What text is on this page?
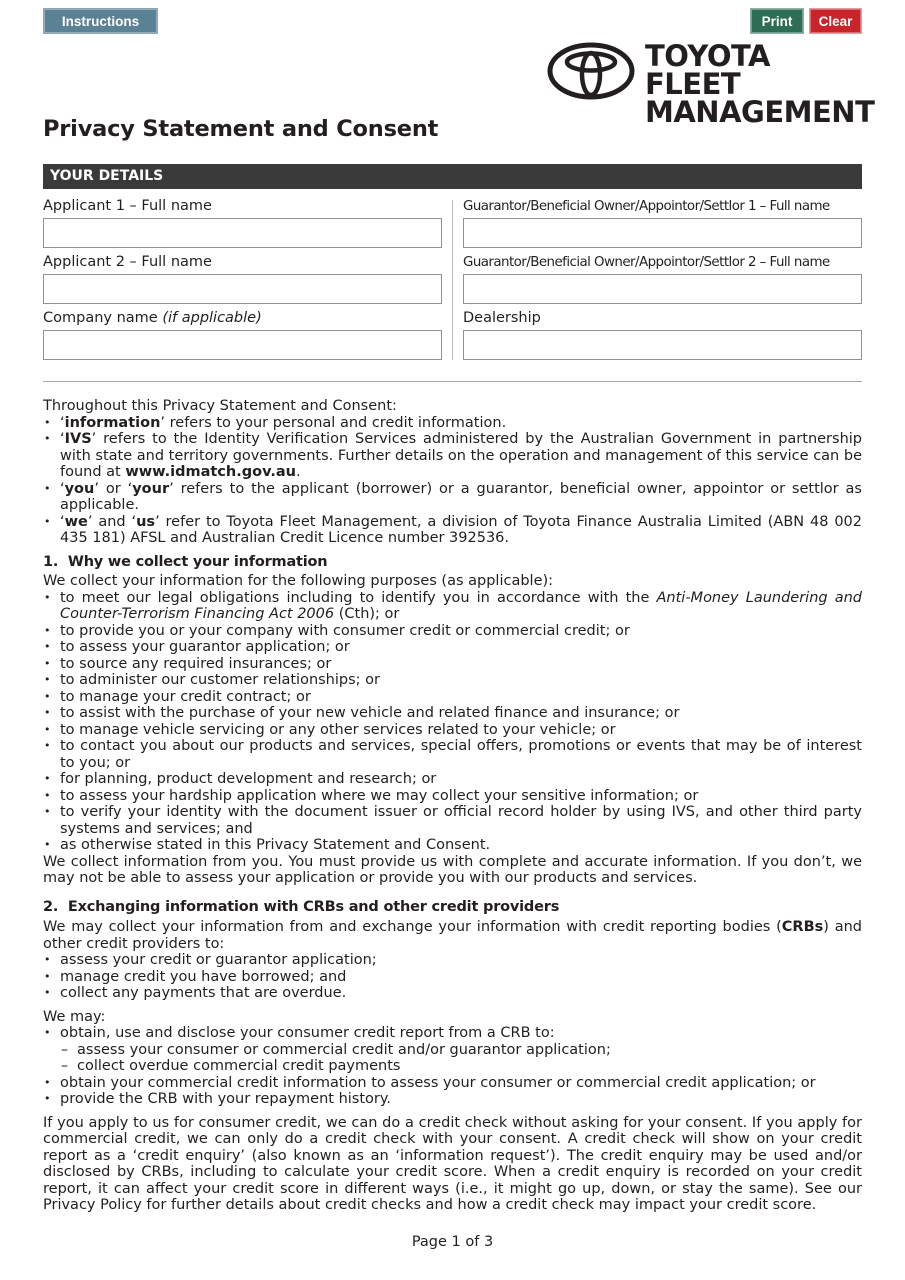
Instructions	Print	Clear
TOYOTA FLEET
MANAGEMENT
Privacy Statement and Consent
YOUR DETAILS
Applicant 1 – Full name
Applicant 2 – Full name
Company name (if applicable)
Guarantor/Beneficial Owner/Appointor/Settlor 1 – Full name
Guarantor/Beneficial Owner/Appointor/Settlor 2 – Full name
Dealership

Throughout this Privacy Statement and Consent:

• ‘information’ refers to your personal and credit information.
• ‘IVS’ refers to the Identity Verification Services administered by the Australian Government in partnership with state and territory governments. Further details on the operation and management of this service can be found at www.idmatch.gov.au.
• ‘you’ or ‘your’ refers to the applicant (borrower) or a guarantor, beneficial owner, appointor or settlor as applicable.
• ‘we’ and ‘us’ refer to Toyota Fleet Management, a division of Toyota Finance Australia Limited (ABN 48 002 435 181) AFSL and Australian Credit Licence number 392536.
1.  Why we collect your information

We collect your information for the following purposes (as applicable):

• to meet our legal obligations including to identify you in accordance with the Anti-Money Laundering and Counter-Terrorism Financing Act 2006 (Cth); or
• to provide you or your company with consumer credit or commercial credit; or
• to assess your guarantor application; or
• to source any required insurances; or
• to administer our customer relationships; or
• to manage your credit contract; or
• to assist with the purchase of your new vehicle and related finance and insurance; or
• to manage vehicle servicing or any other services related to your vehicle; or
• to contact you about our products and services, special offers, promotions or events that may be of interest to you; or
• for planning, product development and research; or
• to assess your hardship application where we may collect your sensitive information; or
• to verify your identity with the document issuer or official record holder by using IVS, and other third party systems and services; and
• as otherwise stated in this Privacy Statement and Consent.

We collect information from you. You must provide us with complete and accurate information. If you don’t, we may not be able to assess your application or provide you with our products and services.

2.  Exchanging information with CRBs and other credit providers

We may collect your information from and exchange your information with credit reporting bodies (CRBs) and other credit providers to:

• assess your credit or guarantor application;
• manage credit you have borrowed; and
• collect any payments that are overdue.

We may:

• obtain, use and disclose your consumer credit report from a CRB to:
– assess your consumer or commercial credit and/or guarantor application;
– collect overdue commercial credit payments
• obtain your commercial credit information to assess your consumer or commercial credit application; or
• provide the CRB with your repayment history.

If you apply to us for consumer credit, we can do a credit check without asking for your consent. If you apply for commercial credit, we can only do a credit check with your consent. A credit check will show on your credit report as a ‘credit enquiry’ (also known as an ‘information request’). The credit enquiry may be used and/or disclosed by CRBs, including to calculate your credit score. When a credit enquiry is recorded on your credit report, it can affect your credit score in different ways (i.e., it might go up, down, or stay the same). See our Privacy Policy for further details about credit checks and how a credit check may impact your credit score.

Page 1 of 3
